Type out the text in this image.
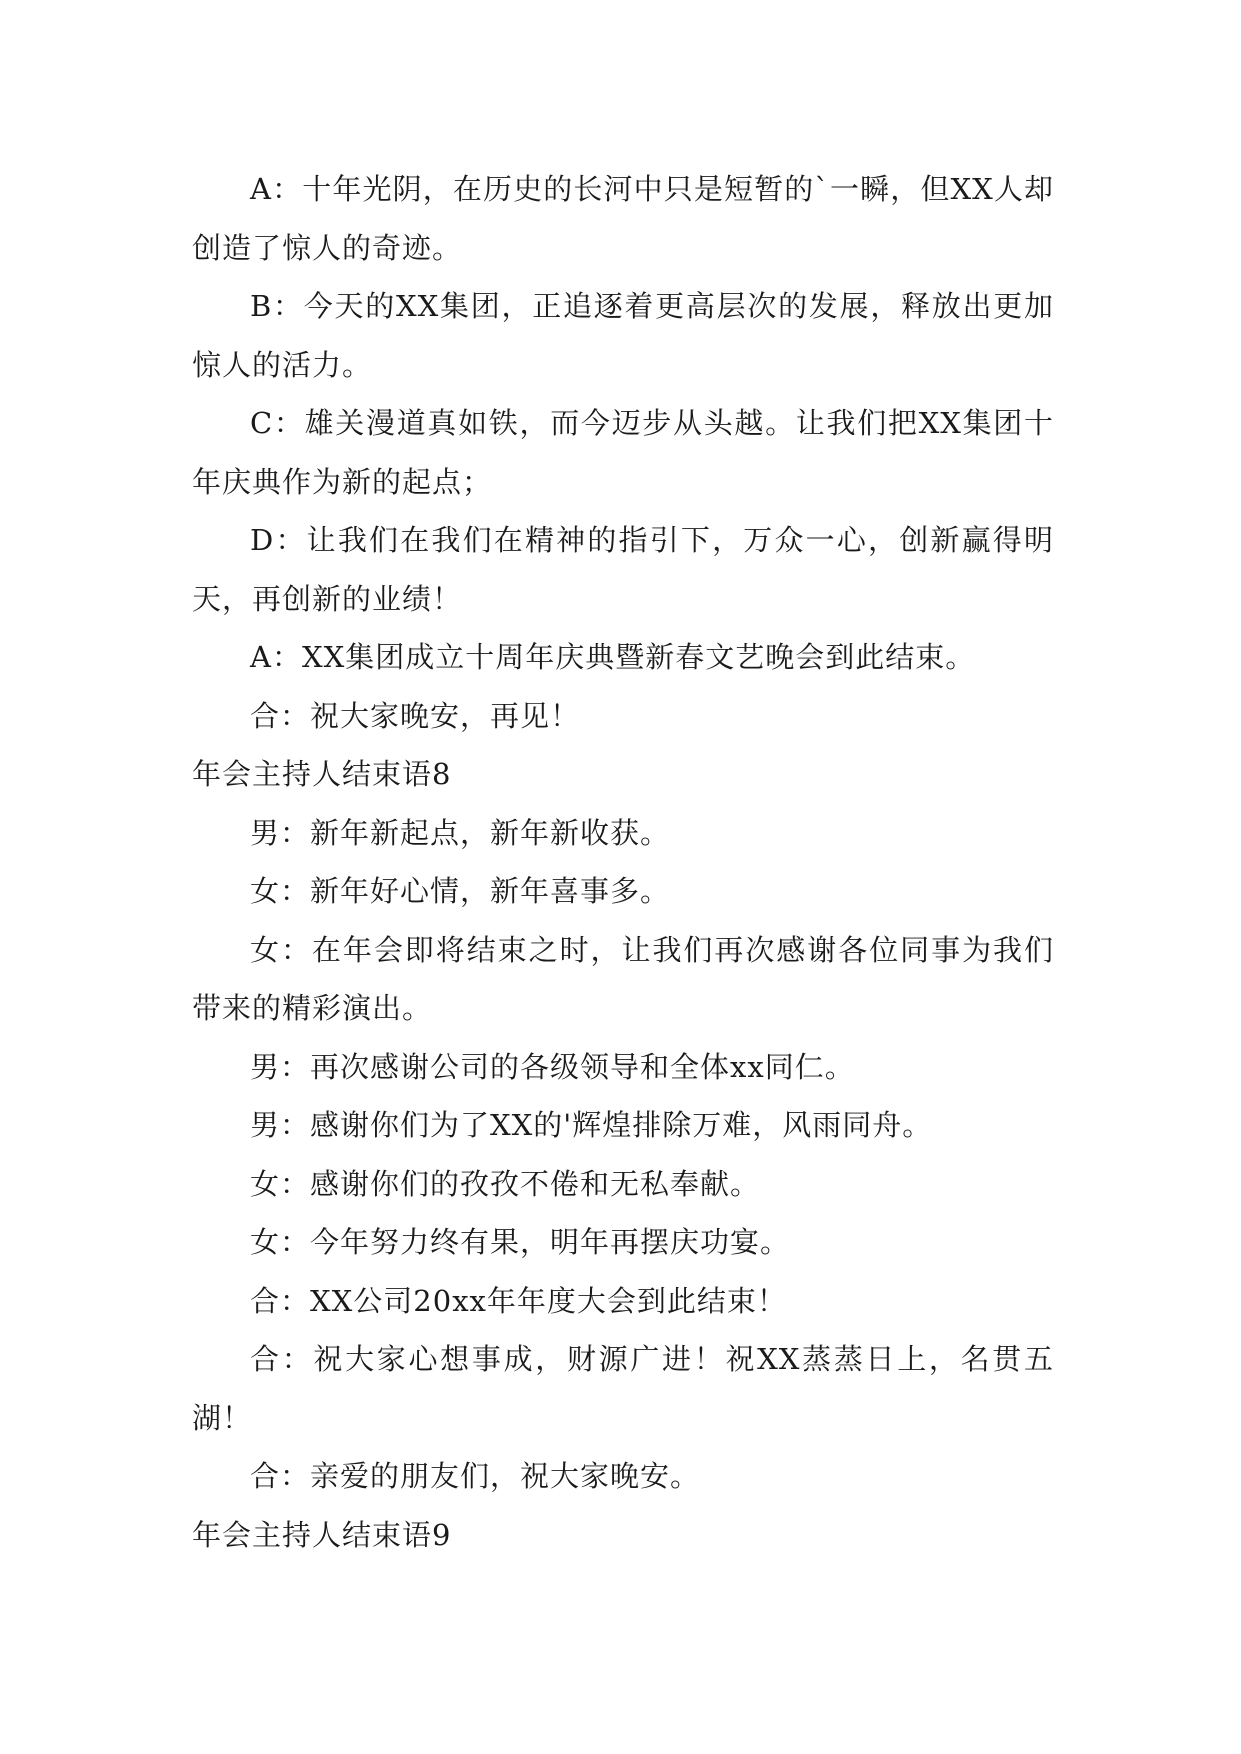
A：十年光阴，在历史的长河中只是短暂的`一瞬，但XX人却创造了惊人的奇迹。

B：今天的XX集团，正追逐着更高层次的发展，释放出更加惊人的活力。

C：雄关漫道真如铁，而今迈步从头越。让我们把XX集团十年庆典作为新的起点；

D：让我们在我们在精神的指引下，万众一心，创新赢得明天，再创新的业绩！

A：XX集团成立十周年庆典暨新春文艺晚会到此结束。

合：祝大家晚安，再见！

年会主持人结束语8

男：新年新起点，新年新收获。

女：新年好心情，新年喜事多。

女：在年会即将结束之时，让我们再次感谢各位同事为我们带来的精彩演出。

男：再次感谢公司的各级领导和全体xx同仁。

男：感谢你们为了XX的'辉煌排除万难，风雨同舟。

女：感谢你们的孜孜不倦和无私奉献。

女：今年努力终有果，明年再摆庆功宴。

合：XX公司20xx年年度大会到此结束！

合：祝大家心想事成，财源广进！祝XX蒸蒸日上，名贯五湖！

合：亲爱的朋友们，祝大家晚安。

年会主持人结束语9
